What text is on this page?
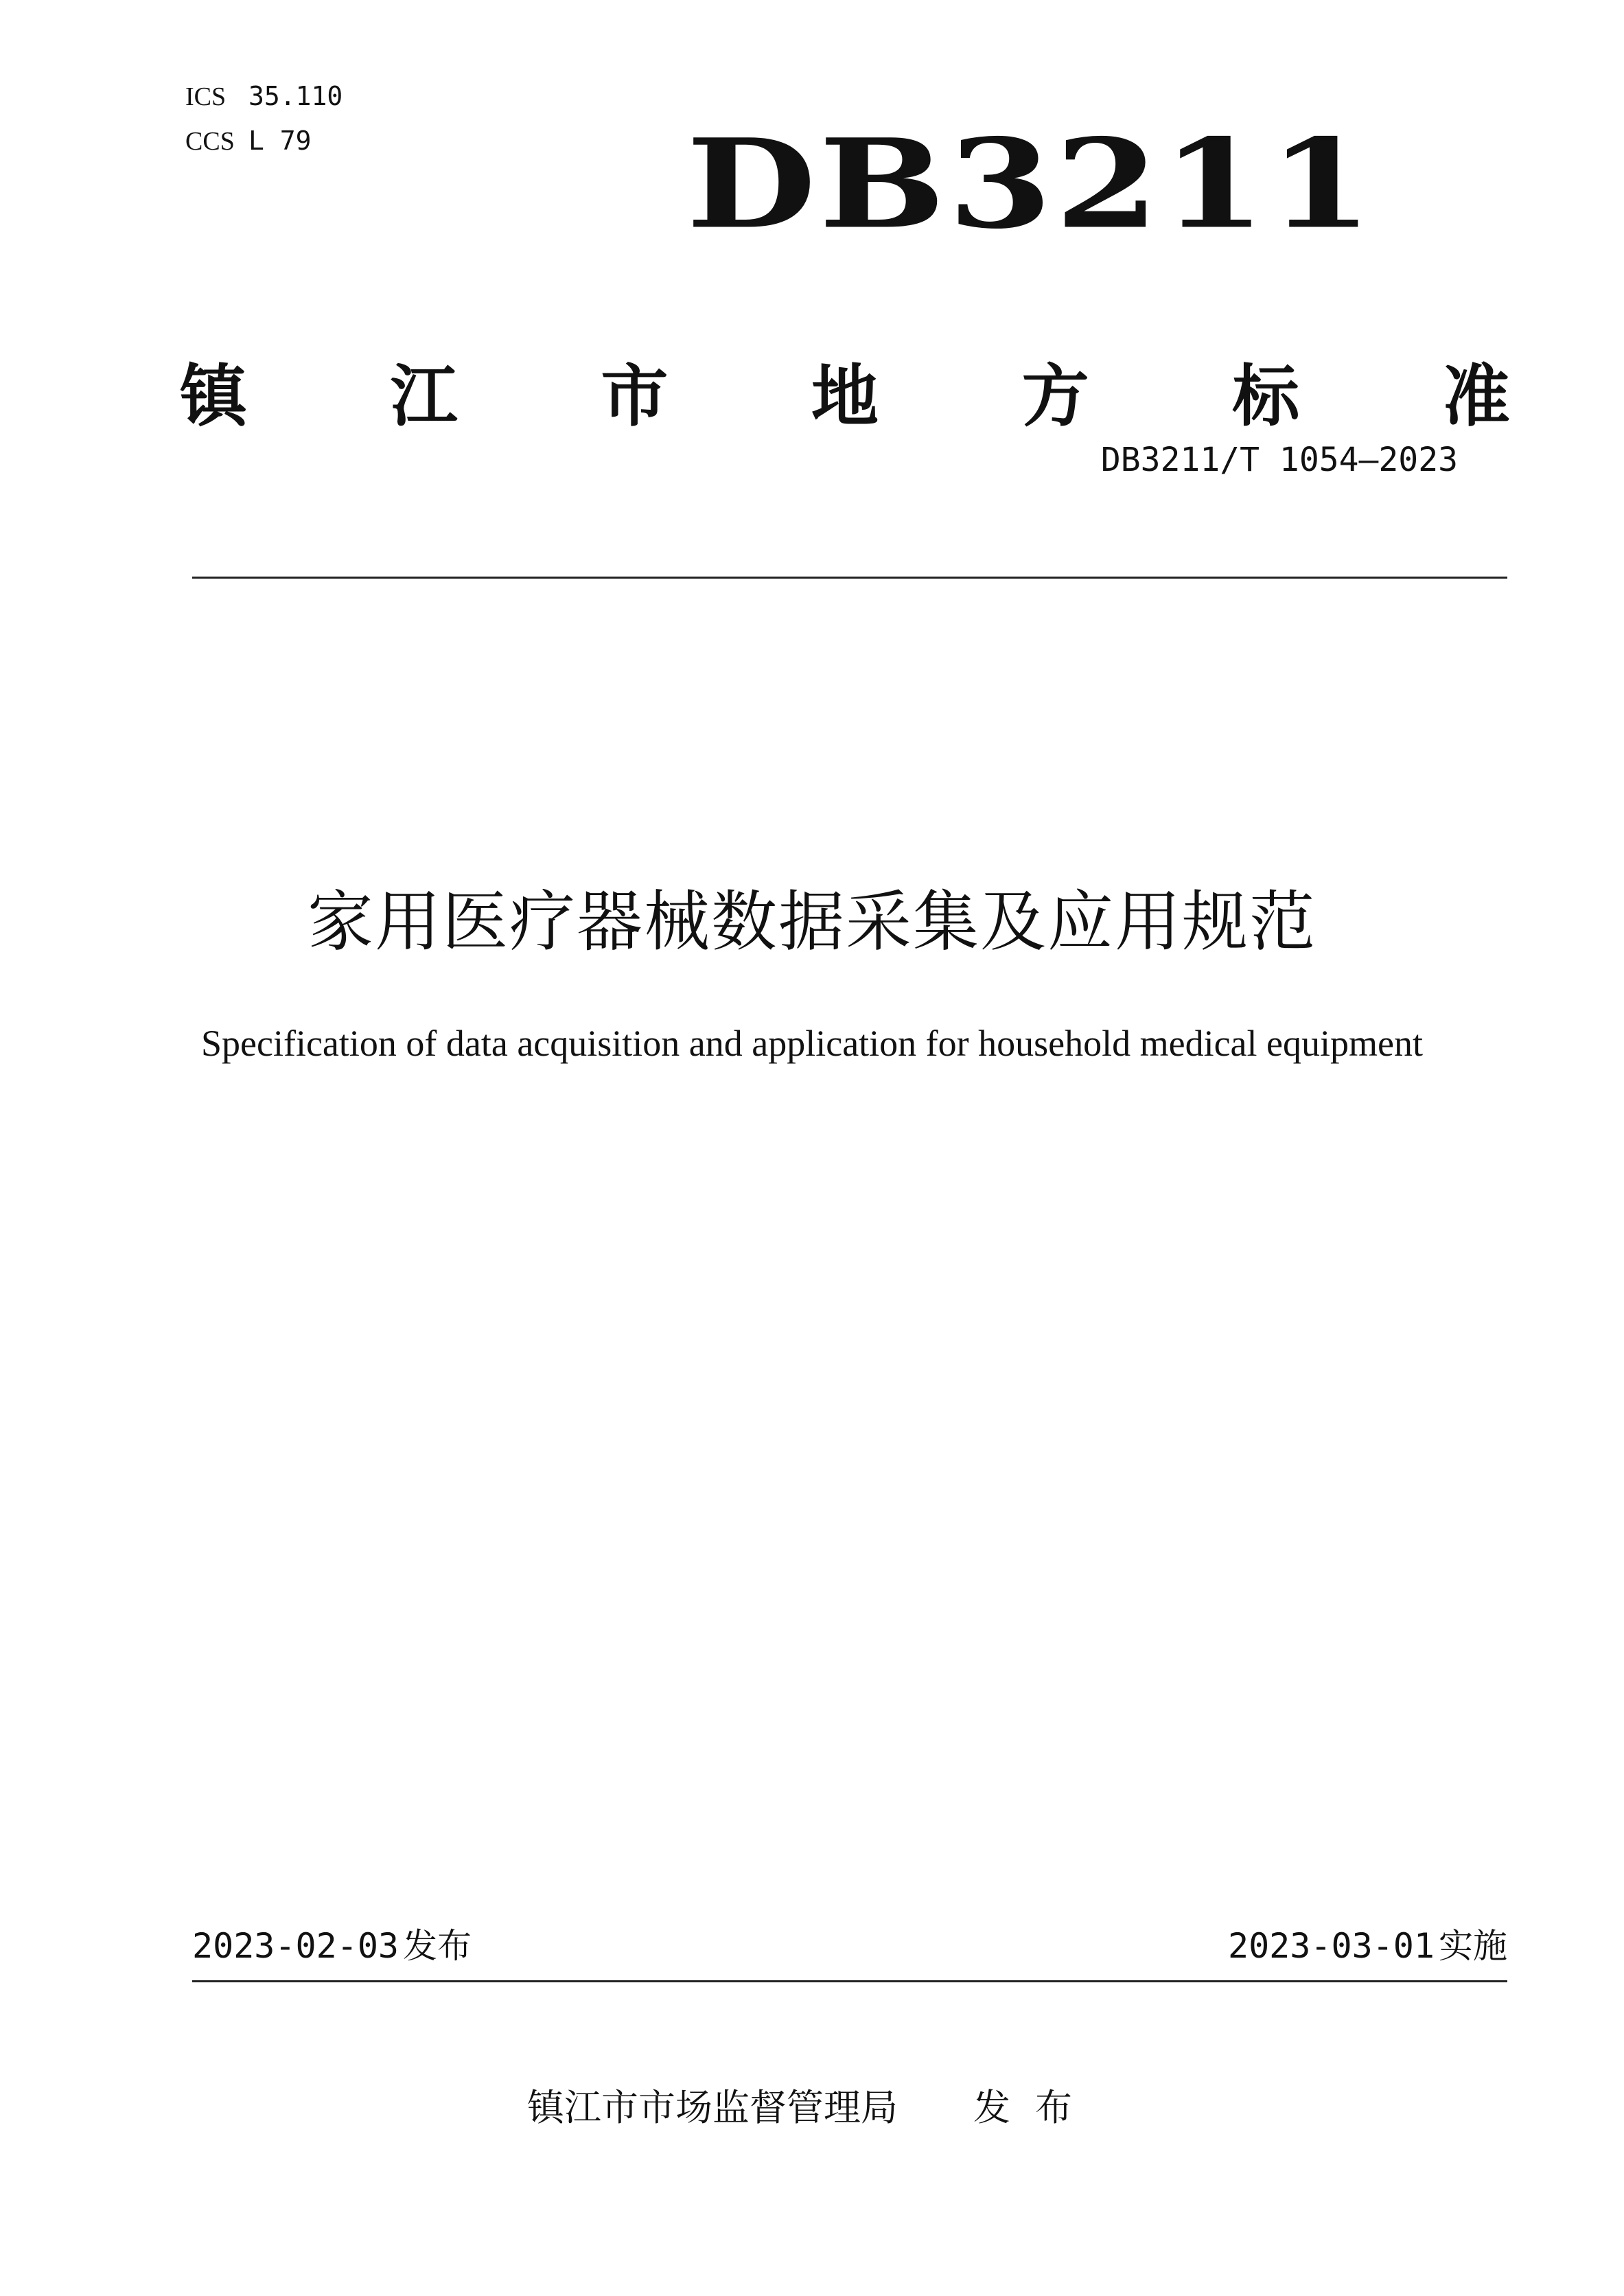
ICS 35.110
CCS L 79	DB3211
镇 江 市 地 方 标 准
DB3211/T 1054—2023
家用医疗器械数据采集及应用规范
Specification of data acquisition and application for household medical equipment
2023-02-03 发布	2023-03-01 实施
镇江市市场监督管理局 发布
